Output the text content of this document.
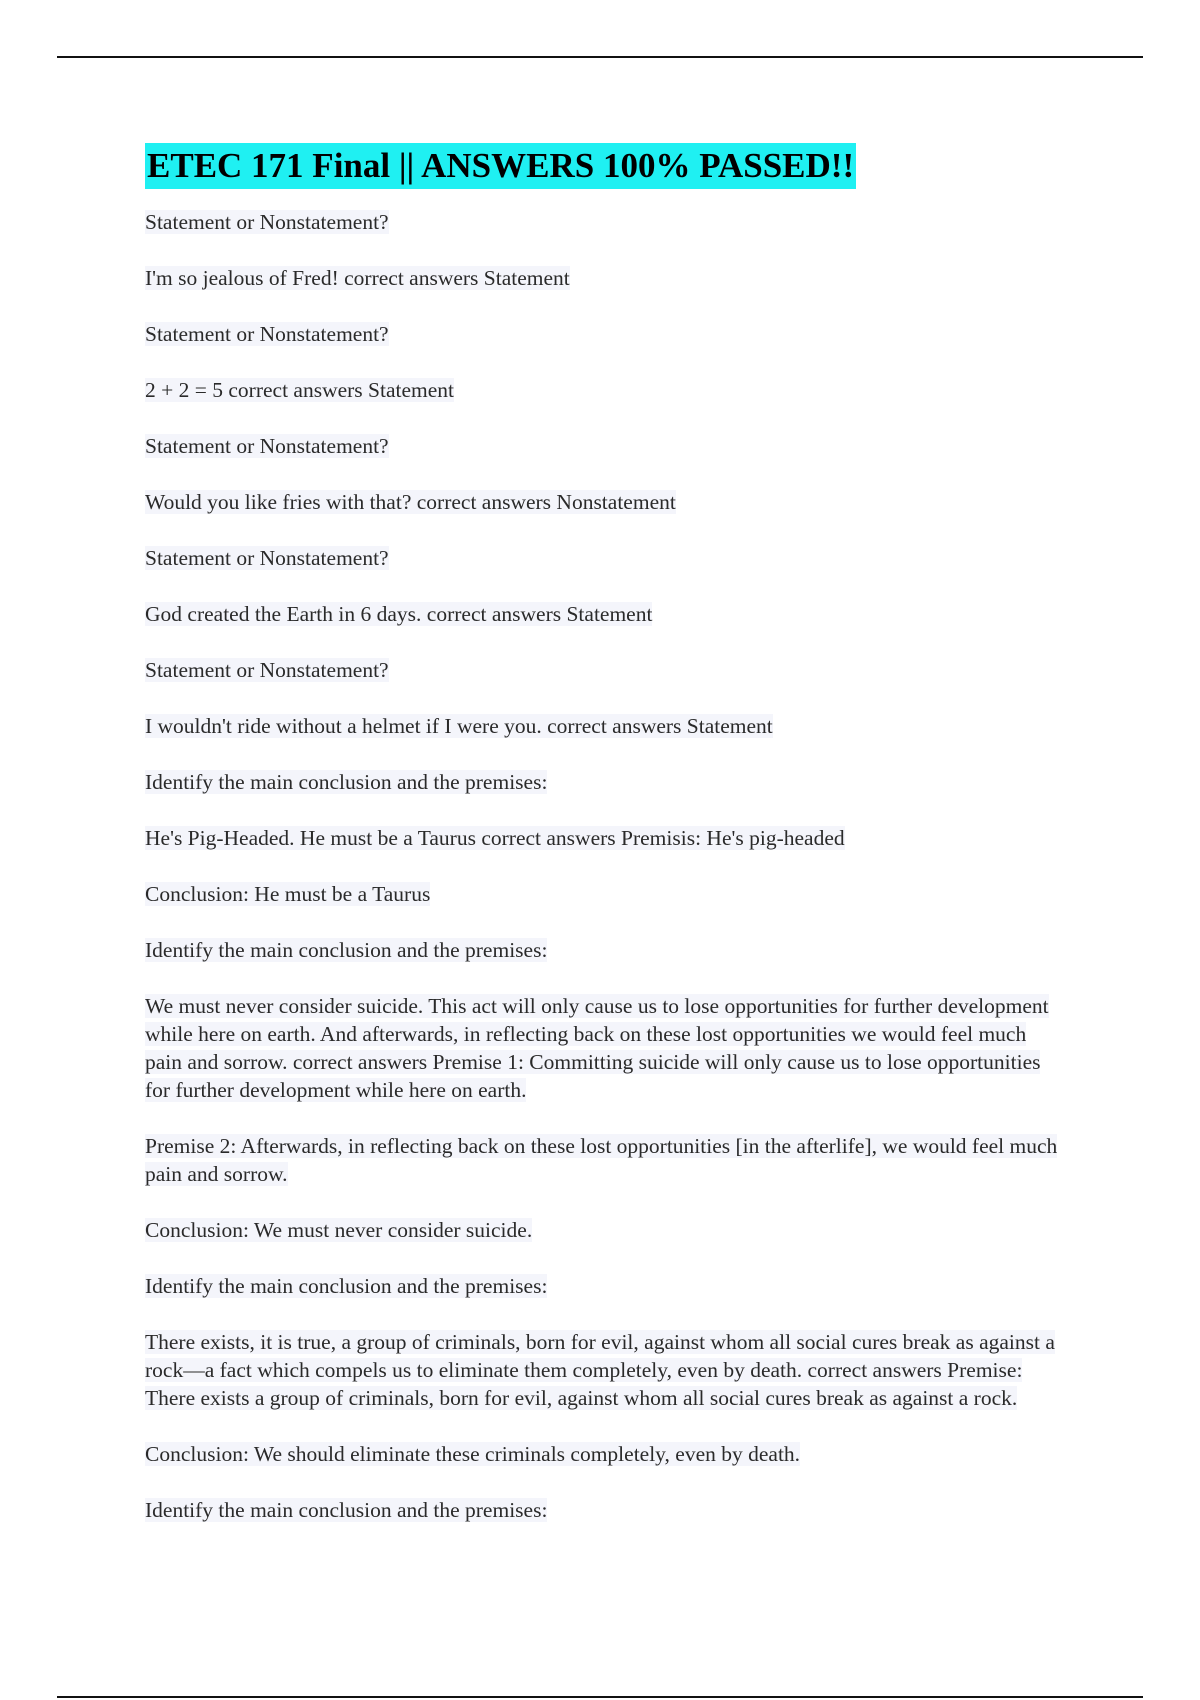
ETEC 171 Final || ANSWERS 100% PASSED!!

Statement or Nonstatement?

I'm so jealous of Fred! correct answers Statement

Statement or Nonstatement?

2 + 2 = 5 correct answers Statement

Statement or Nonstatement?

Would you like fries with that? correct answers Nonstatement

Statement or Nonstatement?

God created the Earth in 6 days. correct answers Statement

Statement or Nonstatement?

I wouldn't ride without a helmet if I were you. correct answers Statement

Identify the main conclusion and the premises:

He's Pig-Headed. He must be a Taurus correct answers Premisis: He's pig-headed

Conclusion: He must be a Taurus

Identify the main conclusion and the premises:

We must never consider suicide. This act will only cause us to lose opportunities for further development while here on earth. And afterwards, in reflecting back on these lost opportunities we would feel much pain and sorrow. correct answers Premise 1: Committing suicide will only cause us to lose opportunities for further development while here on earth.

Premise 2: Afterwards, in reflecting back on these lost opportunities [in the afterlife], we would feel much pain and sorrow.

Conclusion: We must never consider suicide.

Identify the main conclusion and the premises:

There exists, it is true, a group of criminals, born for evil, against whom all social cures break as against a rock—a fact which compels us to eliminate them completely, even by death. correct answers Premise: There exists a group of criminals, born for evil, against whom all social cures break as against a rock.

Conclusion: We should eliminate these criminals completely, even by death.

Identify the main conclusion and the premises:
